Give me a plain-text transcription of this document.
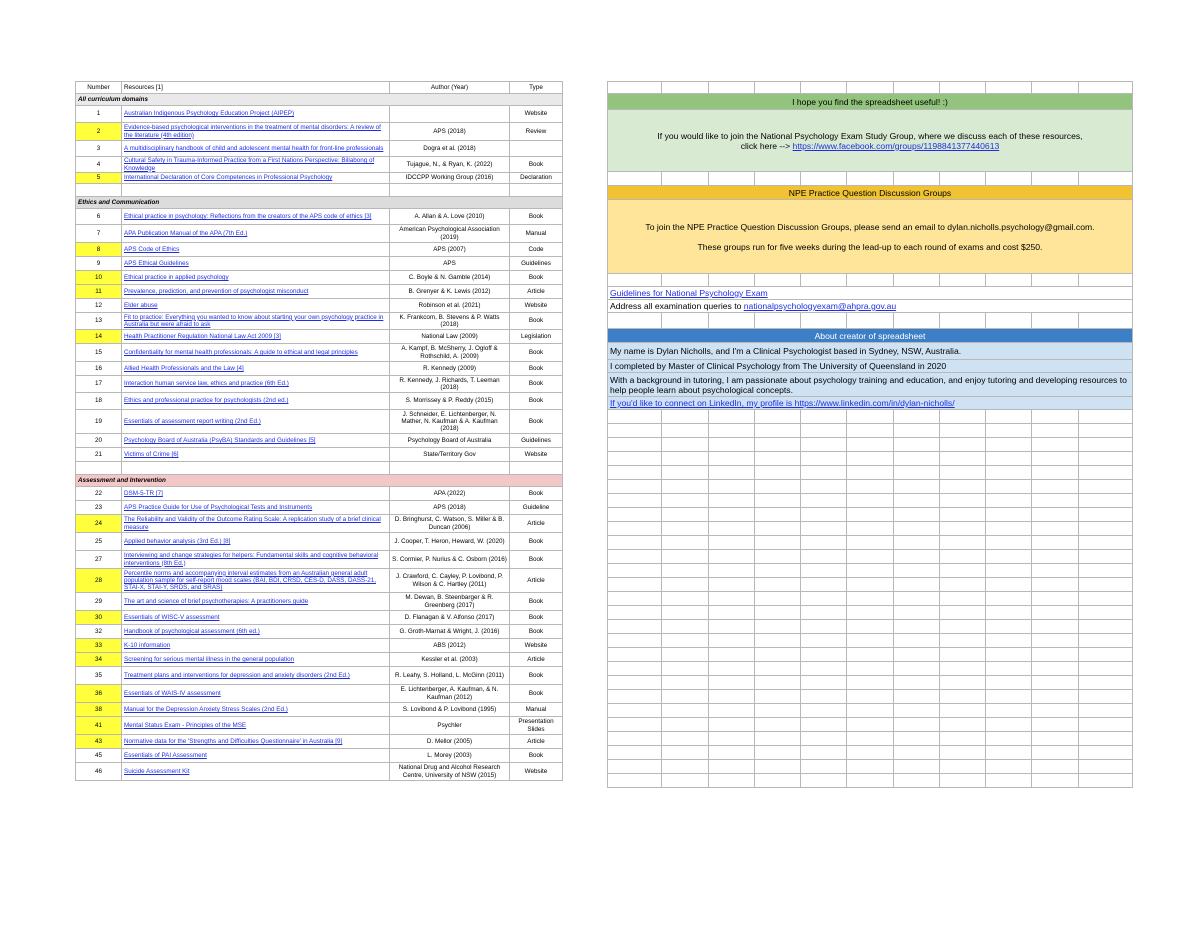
Number	Resources [1]	Author (Year)	Type
All curriculum domains			
1	Australian Indigenous Psychology Education Project (AIPEP)		Website
2	Evidence-based psychological interventions in the treatment of mental disorders: A review of the literature (4th edition)	APS (2018)	Review
3	A multidisciplinary handbook of child and adolescent mental health for front-line professionals	Dogra et al. (2018)	
4	Cultural Safety in Trauma-Informed Practice from a First Nations Perspective: Billabong of Knowledge	Tujague, N., & Ryan, K. (2022)	Book
5	International Declaration of Core Competences in Professional Psychology	IDCCPP Working Group (2016)	Declaration

Ethics and Communication			
6	Ethical practice in psychology: Reflections from the creators of the APS code of ethics [3]	A. Allan & A. Love (2010)	Book
7	APA Publication Manual of the APA (7th Ed.)	American Psychological Association (2019)	Manual
8	APS Code of Ethics	APS (2007)	Code
9	APS Ethical Guidelines	APS	Guidelines
10	Ethical practice in applied psychology	C. Boyle & N. Gamble (2014)	Book
11	Prevalence, prediction, and prevention of psychologist misconduct	B. Grenyer & K. Lewis (2012)	Article
12	Elder abuse	Robinson et al. (2021)	Website
13	Fit to practice: Everything you wanted to know about starting your own psychology practice in Australia but were afraid to ask	K. Frankcom, B. Stevens & P. Watts (2018)	Book
14	Health Practitioner Regulation National Law Act 2009 [3]	National Law (2009)	Legislation
15	Confidentiality for mental health professionals: A guide to ethical and legal principles	A. Kampf, B. McSherry, J. Ogloff & Rothschild, A. (2009)	Book
16	Allied Health Professionals and the Law [4]	R. Kennedy (2009)	Book
17	Interaction human service law, ethics and practice (6th Ed.)	R. Kennedy, J. Richards, T. Leeman (2018)	Book
18	Ethics and professional practice for psychologists (2nd ed.)	S. Morrissey & P. Reddy (2015)	Book
19	Essentials of assessment report writing (2nd Ed.)	J. Schneider, E. Lichtenberger, N. Mather, N. Kaufman & A. Kaufman (2018)	Book
20	Psychology Board of Australia (PsyBA) Standards and Guidelines [5]	Psychology Board of Australia	Guidelines
21	Victims of Crime [6]	State/Territory Gov	Website

Assessment and Intervention			
22	DSM-5-TR [7]	APA (2022)	Book
23	APS Practice Guide for Use of Psychological Tests and Instruments	APS (2018)	Guideline
24	The Reliability and Validity of the Outcome Rating Scale: A replication study of a brief clinical measure	D. Bringhurst, C. Watson, S. Miller & B. Duncan (2006)	Article
25	Applied behavior analysis (3rd Ed.) [8]	J. Cooper, T. Heron, Heward, W. (2020)	Book
27	Interviewing and change strategies for helpers: Fundamental skills and cognitive behavioral interventions (8th Ed.)	S. Cormier, P. Nurius & C. Osborn (2016)	Book
28	Percentile norms and accompanying interval estimates from an Australian general adult population sample for self-report mood scales (BAI, BDI, CRSD, CES-D, DASS, DASS-21, STAI-X, STAI-Y, SRDS, and SRAS)	J. Crawford, C. Cayley, P. Lovibond, P. Wilson & C. Hartley (2011)	Article
29	The art and science of brief psychotherapies: A practitioners guide	M. Dewan, B. Steenbarger & R. Greenberg (2017)	Book
30	Essentials of WISC-V assessment	D. Flanagan & V. Alfonso (2017)	Book
32	Handbook of psychological assessment (6th ed.)	G. Groth-Marnat & Wright, J. (2016)	Book
33	K-10 information	ABS (2012)	Website
34	Screening for serious mental illness in the general population	Kessler et al. (2003)	Article
35	Treatment plans and interventions for depression and anxiety disorders (2nd Ed.)	R. Leahy, S. Holland, L. McGinn (2011)	Book
36	Essentials of WAIS-IV assessment	E. Lichtenberger, A. Kaufman, & N. Kaufman (2012)	Book
38	Manual for the Depression Anxiety Stress Scales (2nd Ed.)	S. Lovibond & P. Lovibond (1995)	Manual
41	Mental Status Exam - Principles of the MSE	Psychler	Presentation Slides
43	Normative data for the 'Strengths and Difficulties Questionnaire' in Australia [9]	D. Mellor (2005)	Article
45	Essentials of PAI Assessment	L. Morey (2003)	Book
46	Suicide Assessment Kit	National Drug and Alcohol Research Centre, University of NSW (2015)	Website

I hope you find the spreadsheet useful! :)										

If you would like to join the National Psychology Exam Study Group, where we discuss each of these resources,
click here --> https://www.facebook.com/groups/1198841377440613										

NPE Practice Question Discussion Groups										

To join the NPE Practice Question Discussion Groups, please send an email to dylan.nicholls.psychology@gmail.com.
These groups run for five weeks during the lead-up to each round of exams and cost $250.										

Guidelines for National Psychology Exam										
Address all examination queries to nationalpsychologyexam@ahpra.gov.au										

About creator of spreadsheet										
My name is Dylan Nicholls, and I'm a Clinical Psychologist based in Sydney, NSW, Australia.										
I completed by Master of Clinical Psychology from The University of Queensland in 2020										
With a background in tutoring, I am passionate about psychology training and education, and enjoy tutoring and developing resources to help people learn about psychological concepts.										
If you'd like to connect on LinkedIn, my profile is https://www.linkedin.com/in/dylan-nicholls/										
